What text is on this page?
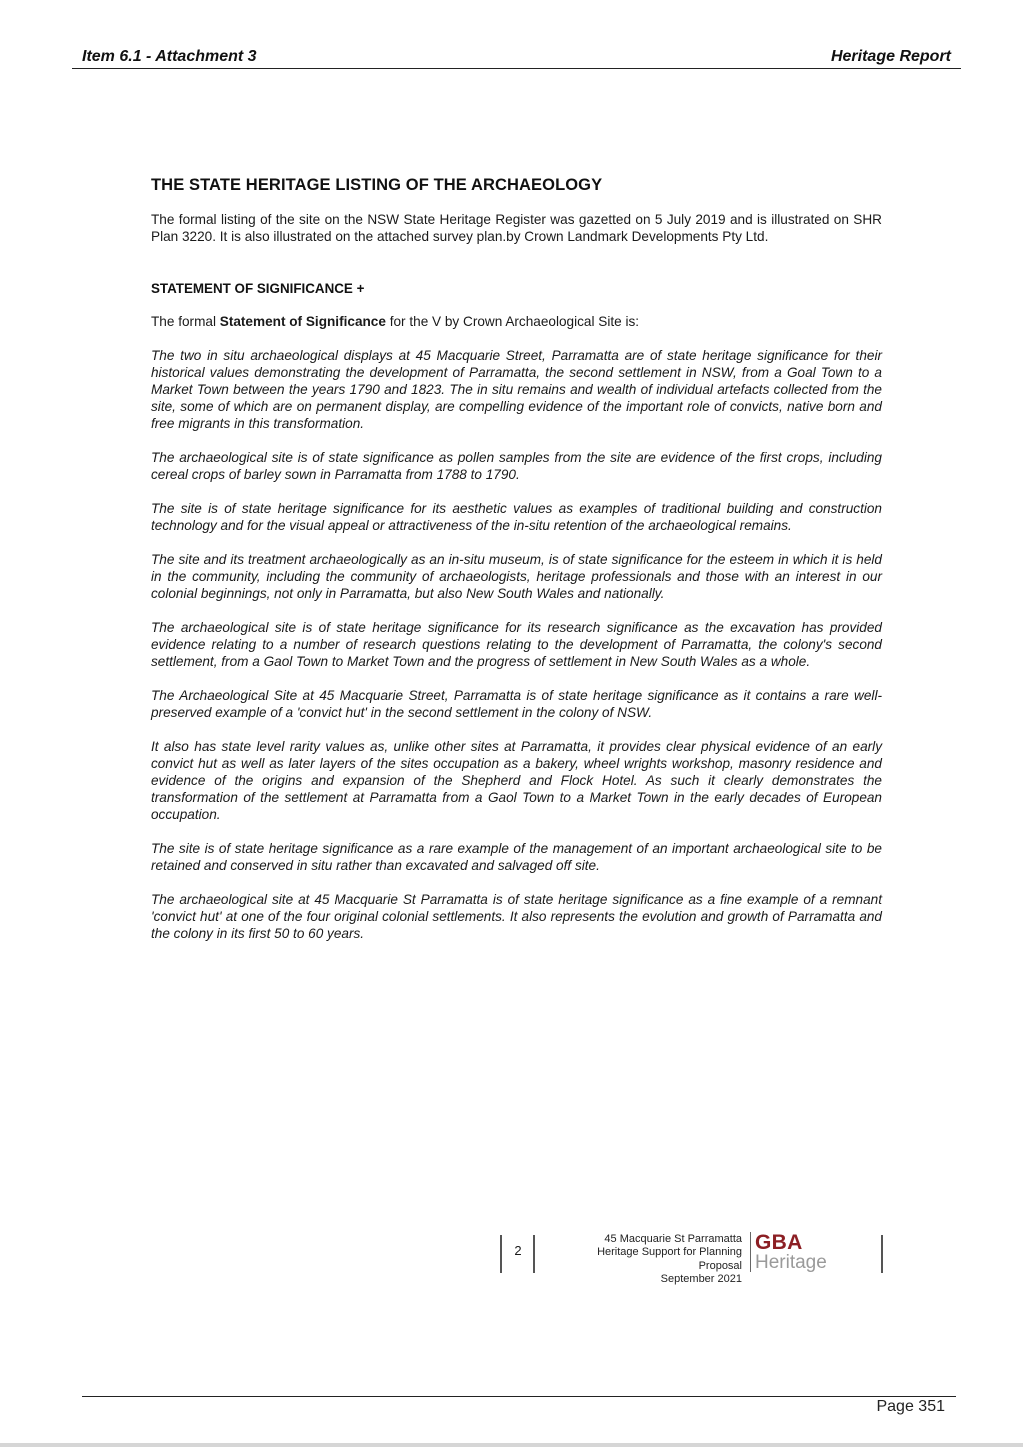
Item 6.1 - Attachment 3	Heritage Report
THE STATE HERITAGE LISTING OF THE ARCHAEOLOGY
The formal listing of the site on the NSW State Heritage Register was gazetted on 5 July 2019 and is illustrated on SHR Plan 3220. It is also illustrated on the attached survey plan.by Crown Landmark Developments Pty Ltd.
STATEMENT OF SIGNIFICANCE +
The formal Statement of Significance for the V by Crown Archaeological Site is:
The two in situ archaeological displays at 45 Macquarie Street, Parramatta are of state heritage significance for their historical values demonstrating the development of Parramatta, the second settlement in NSW, from a Goal Town to a Market Town between the years 1790 and 1823. The in situ remains and wealth of individual artefacts collected from the site, some of which are on permanent display, are compelling evidence of the important role of convicts, native born and free migrants in this transformation.
The archaeological site is of state significance as pollen samples from the site are evidence of the first crops, including cereal crops of barley sown in Parramatta from 1788 to 1790.
The site is of state heritage significance for its aesthetic values as examples of traditional building and construction technology and for the visual appeal or attractiveness of the in-situ retention of the archaeological remains.
The site and its treatment archaeologically as an in-situ museum, is of state significance for the esteem in which it is held in the community, including the community of archaeologists, heritage professionals and those with an interest in our colonial beginnings, not only in Parramatta, but also New South Wales and nationally.
The archaeological site is of state heritage significance for its research significance as the excavation has provided evidence relating to a number of research questions relating to the development of Parramatta, the colony's second settlement, from a Gaol Town to Market Town and the progress of settlement in New South Wales as a whole.
The Archaeological Site at 45 Macquarie Street, Parramatta is of state heritage significance as it contains a rare well-preserved example of a 'convict hut' in the second settlement in the colony of NSW.
It also has state level rarity values as, unlike other sites at Parramatta, it provides clear physical evidence of an early convict hut as well as later layers of the sites occupation as a bakery, wheel wrights workshop, masonry residence and evidence of the origins and expansion of the Shepherd and Flock Hotel. As such it clearly demonstrates the transformation of the settlement at Parramatta from a Gaol Town to a Market Town in the early decades of European occupation.
The site is of state heritage significance as a rare example of the management of an important archaeological site to be retained and conserved in situ rather than excavated and salvaged off site.
The archaeological site at 45 Macquarie St Parramatta is of state heritage significance as a fine example of a remnant 'convict hut' at one of the four original colonial settlements. It also represents the evolution and growth of Parramatta and the colony in its first 50 to 60 years.
2
45 Macquarie St Parramatta
Heritage Support for Planning
Proposal
September 2021
GBA
Heritage
Page 351
